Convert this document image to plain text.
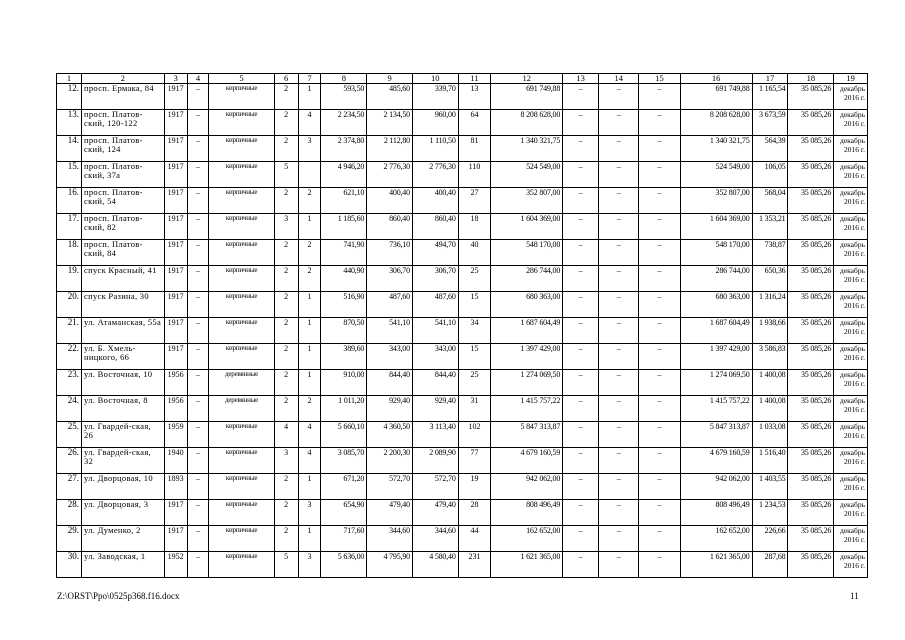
1	2	3	4	5	6	7	8	9	10	11	12	13	14	15	16	17	18	19
12.	просп. Ермака, 84	1917	–	кирпичные	2	1	593,50	485,60	339,70	13	691 749,88	–	–	–	691 749,88	1 165,54	35 085,26	декабрь 2016 г.
13.	просп. Платов-ский, 120-122	1917	–	кирпичные	2	4	2 234,50	2 134,50	960,00	64	8 208 628,00	–	–	–	8 208 628,00	3 673,59	35 085,26	декабрь 2016 г.
14.	просп. Платов-ский, 124	1917	–	кирпичные	2	3	2 374,80	2 112,80	1 110,50	81	1 340 321,75	–	–	–	1 340 321,75	564,39	35 085,26	декабрь 2016 г.
15.	просп. Платов-ский, 37а	1917	–	кирпичные	5		4 946,20	2 776,30	2 776,30	110	524 549,00	–	–	–	524 549,00	106,05	35 085,26	декабрь 2016 г.
16.	просп. Платов-ский, 54	1917	–	кирпичные	2	2	621,10	400,40	400,40	27	352 807,00	–	–	–	352 807,00	568,04	35 085,26	декабрь 2016 г.
17.	просп. Платов-ский, 82	1917	–	кирпичные	3	1	1 185,60	860,40	860,40	18	1 604 369,00	–	–	–	1 604 369,00	1 353,21	35 085,26	декабрь 2016 г.
18.	просп. Платов-ский, 84	1917	–	кирпичные	2	2	741,90	736,10	494,70	40	548 170,00	–	–	–	548 170,00	738,87	35 085,26	декабрь 2016 г.
19.	спуск Красный, 41	1917	–	кирпичные	2	2	440,90	306,70	306,70	25	286 744,00	–	–	–	286 744,00	650,36	35 085,26	декабрь 2016 г.
20.	спуск Разина, 30	1917	–	кирпичные	2	1	516,90	487,60	487,60	15	680 363,00	–	–	–	680 363,00	1 316,24	35 085,26	декабрь 2016 г.
21.	ул. Атаманская, 55а	1917	–	кирпичные	2	1	870,50	541,10	541,10	34	1 687 604,49	–	–	–	1 687 604,49	1 938,66	35 085,26	декабрь 2016 г.
22.	ул. Б. Хмель-ницкого, 66	1917	–	кирпичные	2	1	389,60	343,00	343,00	15	1 397 429,00	–	–	–	1 397 429,00	3 586,83	35 085,26	декабрь 2016 г.
23.	ул. Восточная, 10	1956	–	деревянные	2	1	910,00	844,40	844,40	25	1 274 069,50	–	–	–	1 274 069,50	1 400,08	35 085,26	декабрь 2016 г.
24.	ул. Восточная, 8	1956	–	деревянные	2	2	1 011,20	929,40	929,40	31	1 415 757,22	–	–	–	1 415 757,22	1 400,08	35 085,26	декабрь 2016 г.
25.	ул. Гвардей-ская, 26	1959	–	кирпичные	4	4	5 660,10	4 360,50	3 113,40	102	5 847 313,87	–	–	–	5 847 313,87	1 033,08	35 085,26	декабрь 2016 г.
26.	ул. Гвардей-ская, 32	1940	–	кирпичные	3	4	3 085,70	2 200,30	2 089,90	77	4 679 160,59	–	–	–	4 679 160,59	1 516,40	35 085,26	декабрь 2016 г.
27.	ул. Дворцовая, 10	1893	–	кирпичные	2	1	671,20	572,70	572,70	19	942 062,00	–	–	–	942 062,00	1 403,55	35 085,26	декабрь 2016 г.
28.	ул. Дворцовая, 3	1917	–	кирпичные	2	3	654,90	479,40	479,40	28	808 496,49	–	–	–	808 496,49	1 234,53	35 085,26	декабрь 2016 г.
29.	ул. Думенко, 2	1917	–	кирпичные	2	1	717,60	344,60	344,60	44	162 652,00	–	–	–	162 652,00	226,66	35 085,26	декабрь 2016 г.
30.	ул. Заводская, 1	1952	–	кирпичные	5	3	5 636,00	4 795,90	4 580,40	231	1 621 365,00	–	–	–	1 621 365,00	287,68	35 085,26	декабрь 2016 г.
Z:\ORST\Ppo\0525p368.f16.docx	11
